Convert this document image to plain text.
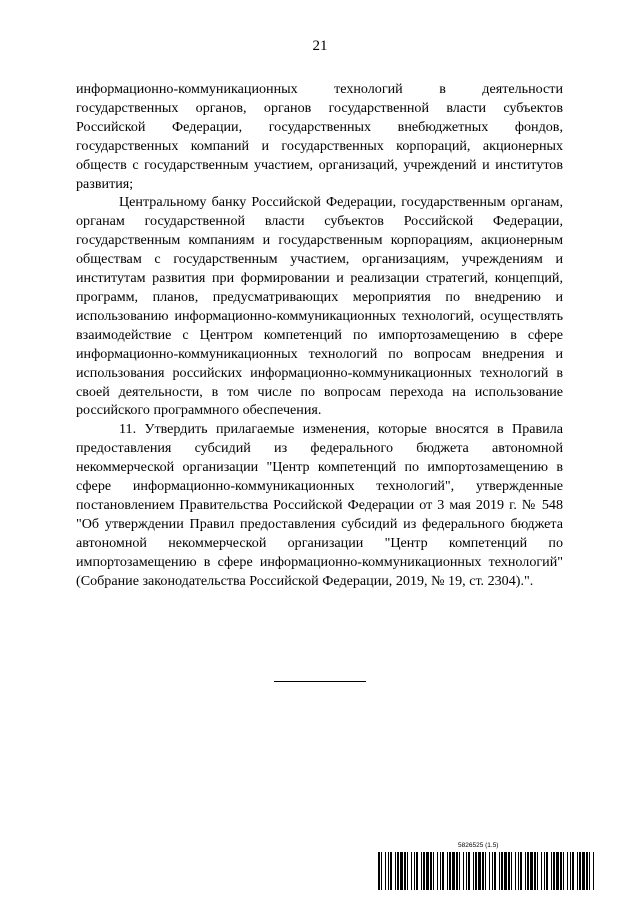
21

информационно-коммуникационных технологий в деятельности государственных органов, органов государственной власти субъектов Российской Федерации, государственных внебюджетных фондов, государственных компаний и государственных корпораций, акционерных обществ с государственным участием, организаций, учреждений и институтов развития;

Центральному банку Российской Федерации, государственным органам, органам государственной власти субъектов Российской Федерации, государственным компаниям и государственным корпорациям, акционерным обществам с государственным участием, организациям, учреждениям и институтам развития при формировании и реализации стратегий, концепций, программ, планов, предусматривающих мероприятия по внедрению и использованию информационно-коммуникационных технологий, осуществлять взаимодействие с Центром компетенций по импортозамещению в сфере информационно-коммуникационных технологий по вопросам внедрения и использования российских информационно-коммуникационных технологий в своей деятельности, в том числе по вопросам перехода на использование российского программного обеспечения.

11. Утвердить прилагаемые изменения, которые вносятся в Правила предоставления субсидий из федерального бюджета автономной некоммерческой организации "Центр компетенций по импортозамещению в сфере информационно-коммуникационных технологий", утвержденные постановлением Правительства Российской Федерации от 3 мая 2019 г. № 548 "Об утверждении Правил предоставления субсидий из федерального бюджета автономной некоммерческой организации "Центр компетенций по импортозамещению в сфере информационно-коммуникационных технологий" (Собрание законодательства Российской Федерации, 2019, № 19, ст. 2304).".

5826525 (1.5)
